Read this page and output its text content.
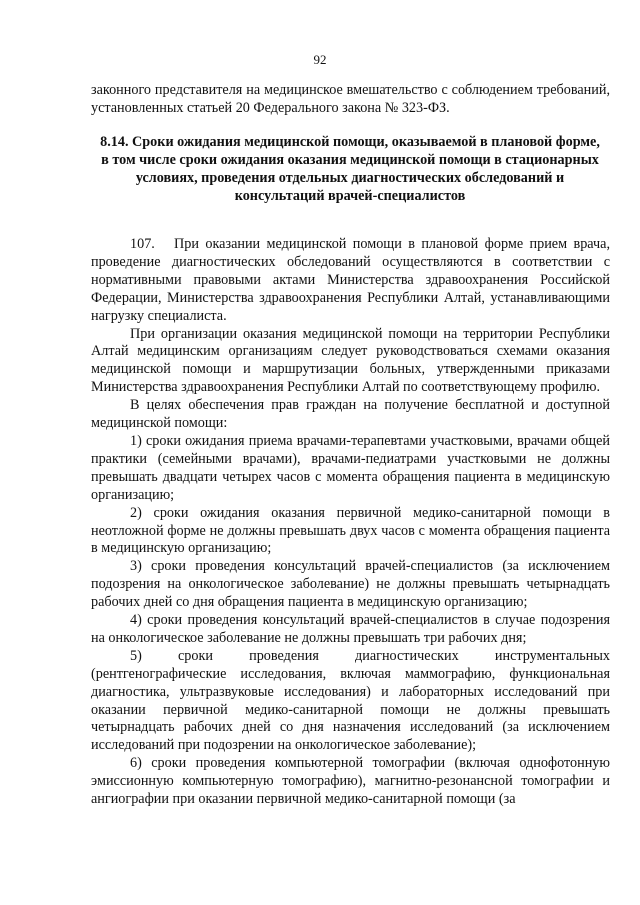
92

законного представителя на медицинское вмешательство с соблюдением требований, установленных статьей 20 Федерального закона № 323-ФЗ.

8.14. Сроки ожидания медицинской помощи, оказываемой в плановой форме, в том числе сроки ожидания оказания медицинской помощи в стационарных условиях, проведения отдельных диагностических обследований и консультаций врачей-специалистов

107.   При оказании медицинской помощи в плановой форме прием врача, проведение диагностических обследований осуществляются в соответствии с нормативными правовыми актами Министерства здравоохранения Российской Федерации, Министерства здравоохранения Республики Алтай, устанавливающими нагрузку специалиста.

При организации оказания медицинской помощи на территории Республики Алтай медицинским организациям следует руководствоваться схемами оказания медицинской помощи и маршрутизации больных, утвержденными приказами Министерства здравоохранения Республики Алтай по соответствующему профилю.

В целях обеспечения прав граждан на получение бесплатной и доступной медицинской помощи:

1) сроки ожидания приема врачами-терапевтами участковыми, врачами общей практики (семейными врачами), врачами-педиатрами участковыми не должны превышать двадцати четырех часов с момента обращения пациента в медицинскую организацию;

2) сроки ожидания оказания первичной медико-санитарной помощи в неотложной форме не должны превышать двух часов с момента обращения пациента в медицинскую организацию;

3) сроки проведения консультаций врачей-специалистов (за исключением подозрения на онкологическое заболевание) не должны превышать четырнадцать рабочих дней со дня обращения пациента в медицинскую организацию;

4) сроки проведения консультаций врачей-специалистов в случае подозрения на онкологическое заболевание не должны превышать три рабочих дня;

5) сроки проведения диагностических инструментальных (рентгенографические исследования, включая маммографию, функциональная диагностика, ультразвуковые исследования) и лабораторных исследований при оказании первичной медико-санитарной помощи не должны превышать четырнадцать рабочих дней со дня назначения исследований (за исключением исследований при подозрении на онкологическое заболевание);

6) сроки проведения компьютерной томографии (включая однофотонную эмиссионную компьютерную томографию), магнитно-резонансной томографии и ангиографии при оказании первичной медико-санитарной помощи (за
